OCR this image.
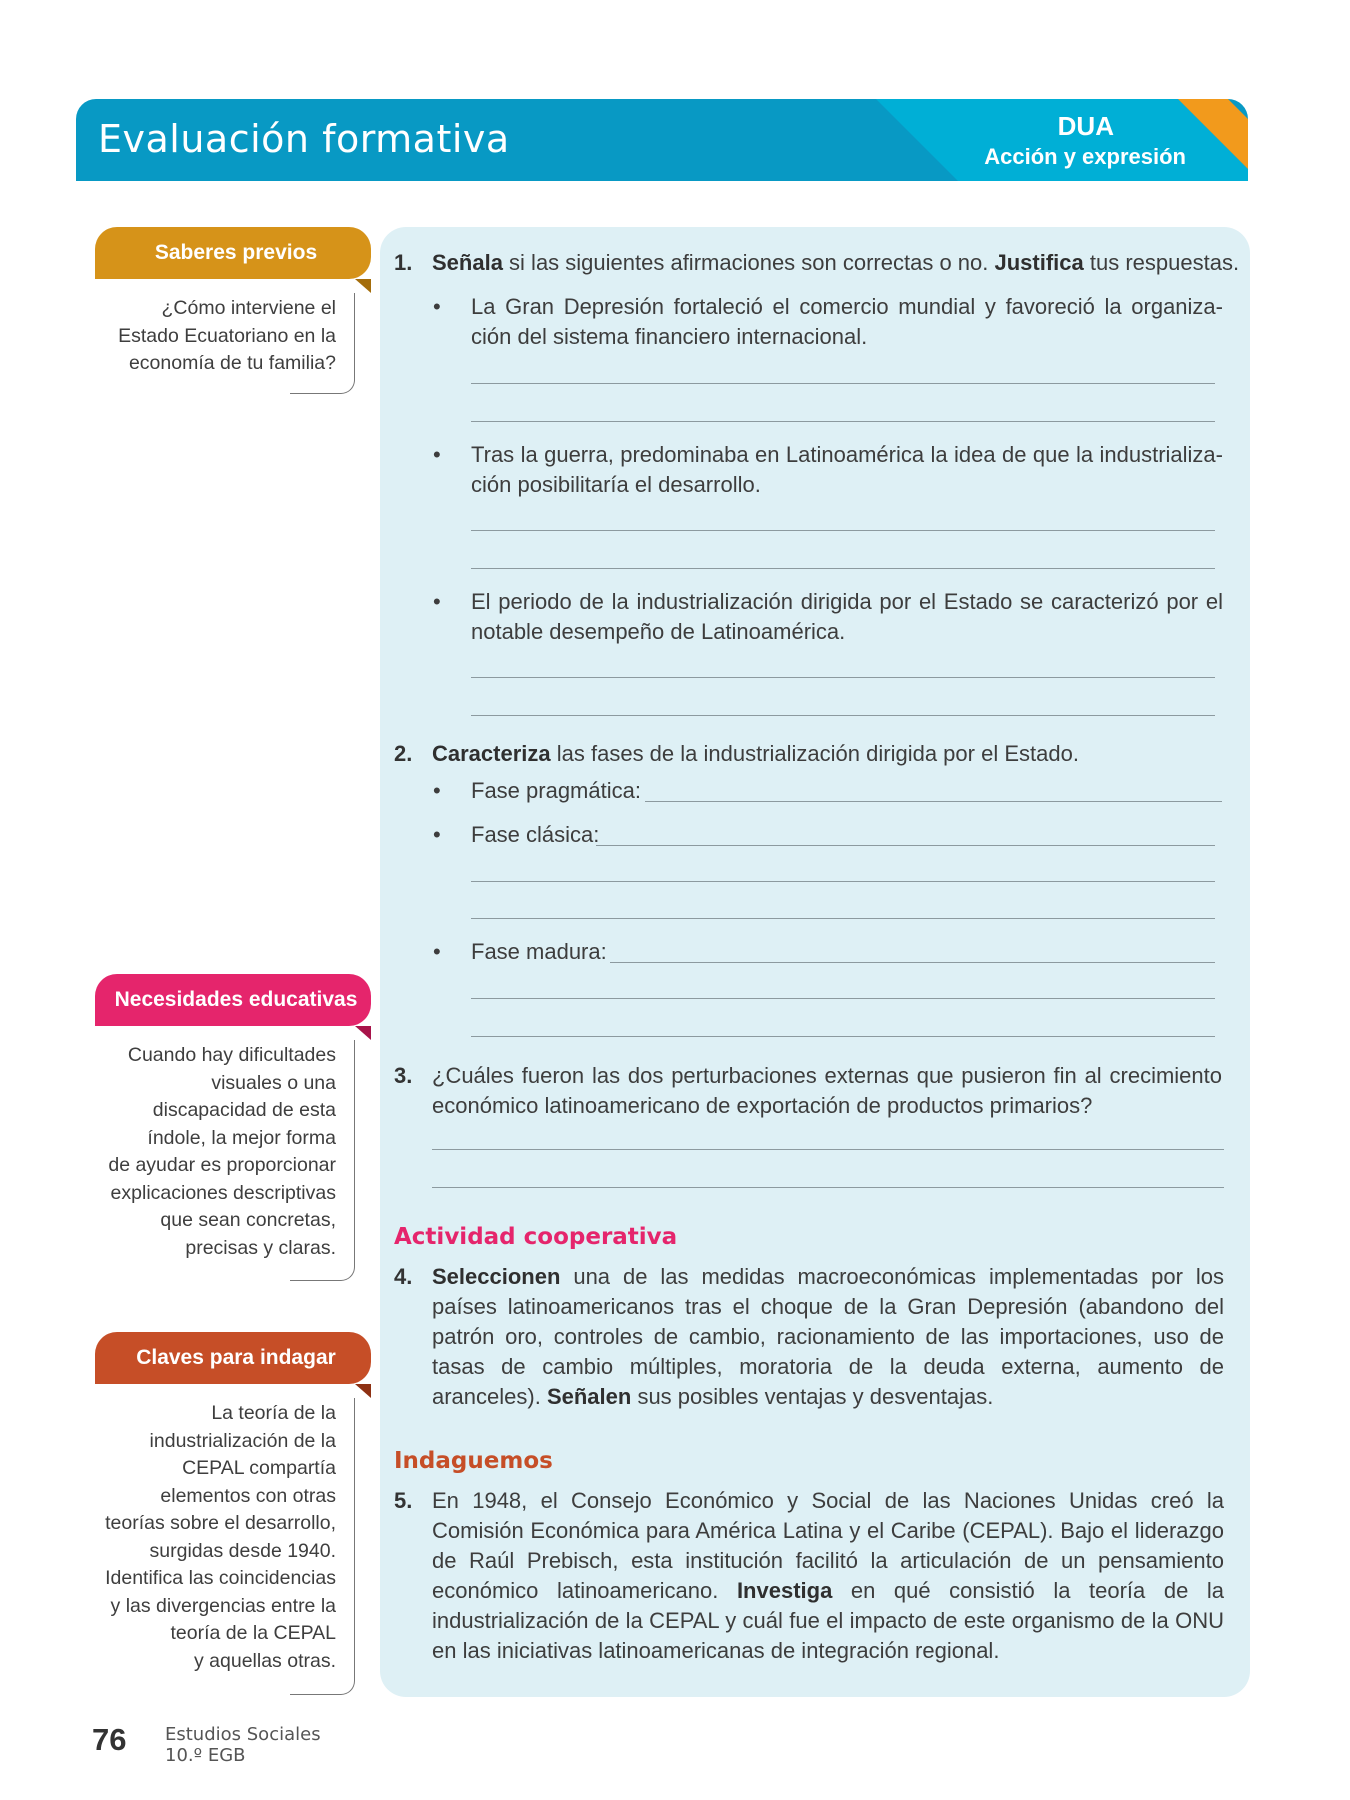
Evaluación formativa	DUA
Acción y expresión
Saberes previos
¿Cómo interviene el
Estado Ecuatoriano en la
economía de tu familia?
Necesidades educativas
Cuando hay dificultades
visuales o una
discapacidad de esta
índole, la mejor forma
de ayudar es proporcionar
explicaciones descriptivas
que sean concretas,
precisas y claras.
Claves para indagar
La teoría de la
industrialización de la
CEPAL compartía
elementos con otras
teorías sobre el desarrollo,
surgidas desde 1940.
Identifica las coincidencias
y las divergencias entre la
teoría de la CEPAL
y aquellas otras.
1. Señala si las siguientes afirmaciones son correctas o no. Justifica tus respuestas.
• La Gran Depresión fortaleció el comercio mundial y favoreció la organiza-ción del sistema financiero internacional.
• Tras la guerra, predominaba en Latinoamérica la idea de que la industrializa-ción posibilitaría el desarrollo.
• El periodo de la industrialización dirigida por el Estado se caracterizó por el notable desempeño de Latinoamérica.
2. Caracteriza las fases de la industrialización dirigida por el Estado.
• Fase pragmática:
• Fase clásica:
• Fase madura:
3. ¿Cuáles fueron las dos perturbaciones externas que pusieron fin al crecimiento económico latinoamericano de exportación de productos primarios?
Actividad cooperativa
4. Seleccionen una de las medidas macroeconómicas implementadas por los países latinoamericanos tras el choque de la Gran Depresión (abandono del patrón oro, controles de cambio, racionamiento de las importaciones, uso de tasas de cambio múltiples, moratoria de la deuda externa, aumento de aranceles). Señalen sus posibles ventajas y desventajas.
Indaguemos
5. En 1948, el Consejo Económico y Social de las Naciones Unidas creó la Comisión Económica para América Latina y el Caribe (CEPAL). Bajo el liderazgo de Raúl Prebisch, esta institución facilitó la articulación de un pensamiento económico latinoamericano. Investiga en qué consistió la teoría de la industrialización de la CEPAL y cuál fue el impacto de este organismo de la ONU en las iniciativas latinoamericanas de integración regional.
76 Estudios Sociales
10.º EGB
